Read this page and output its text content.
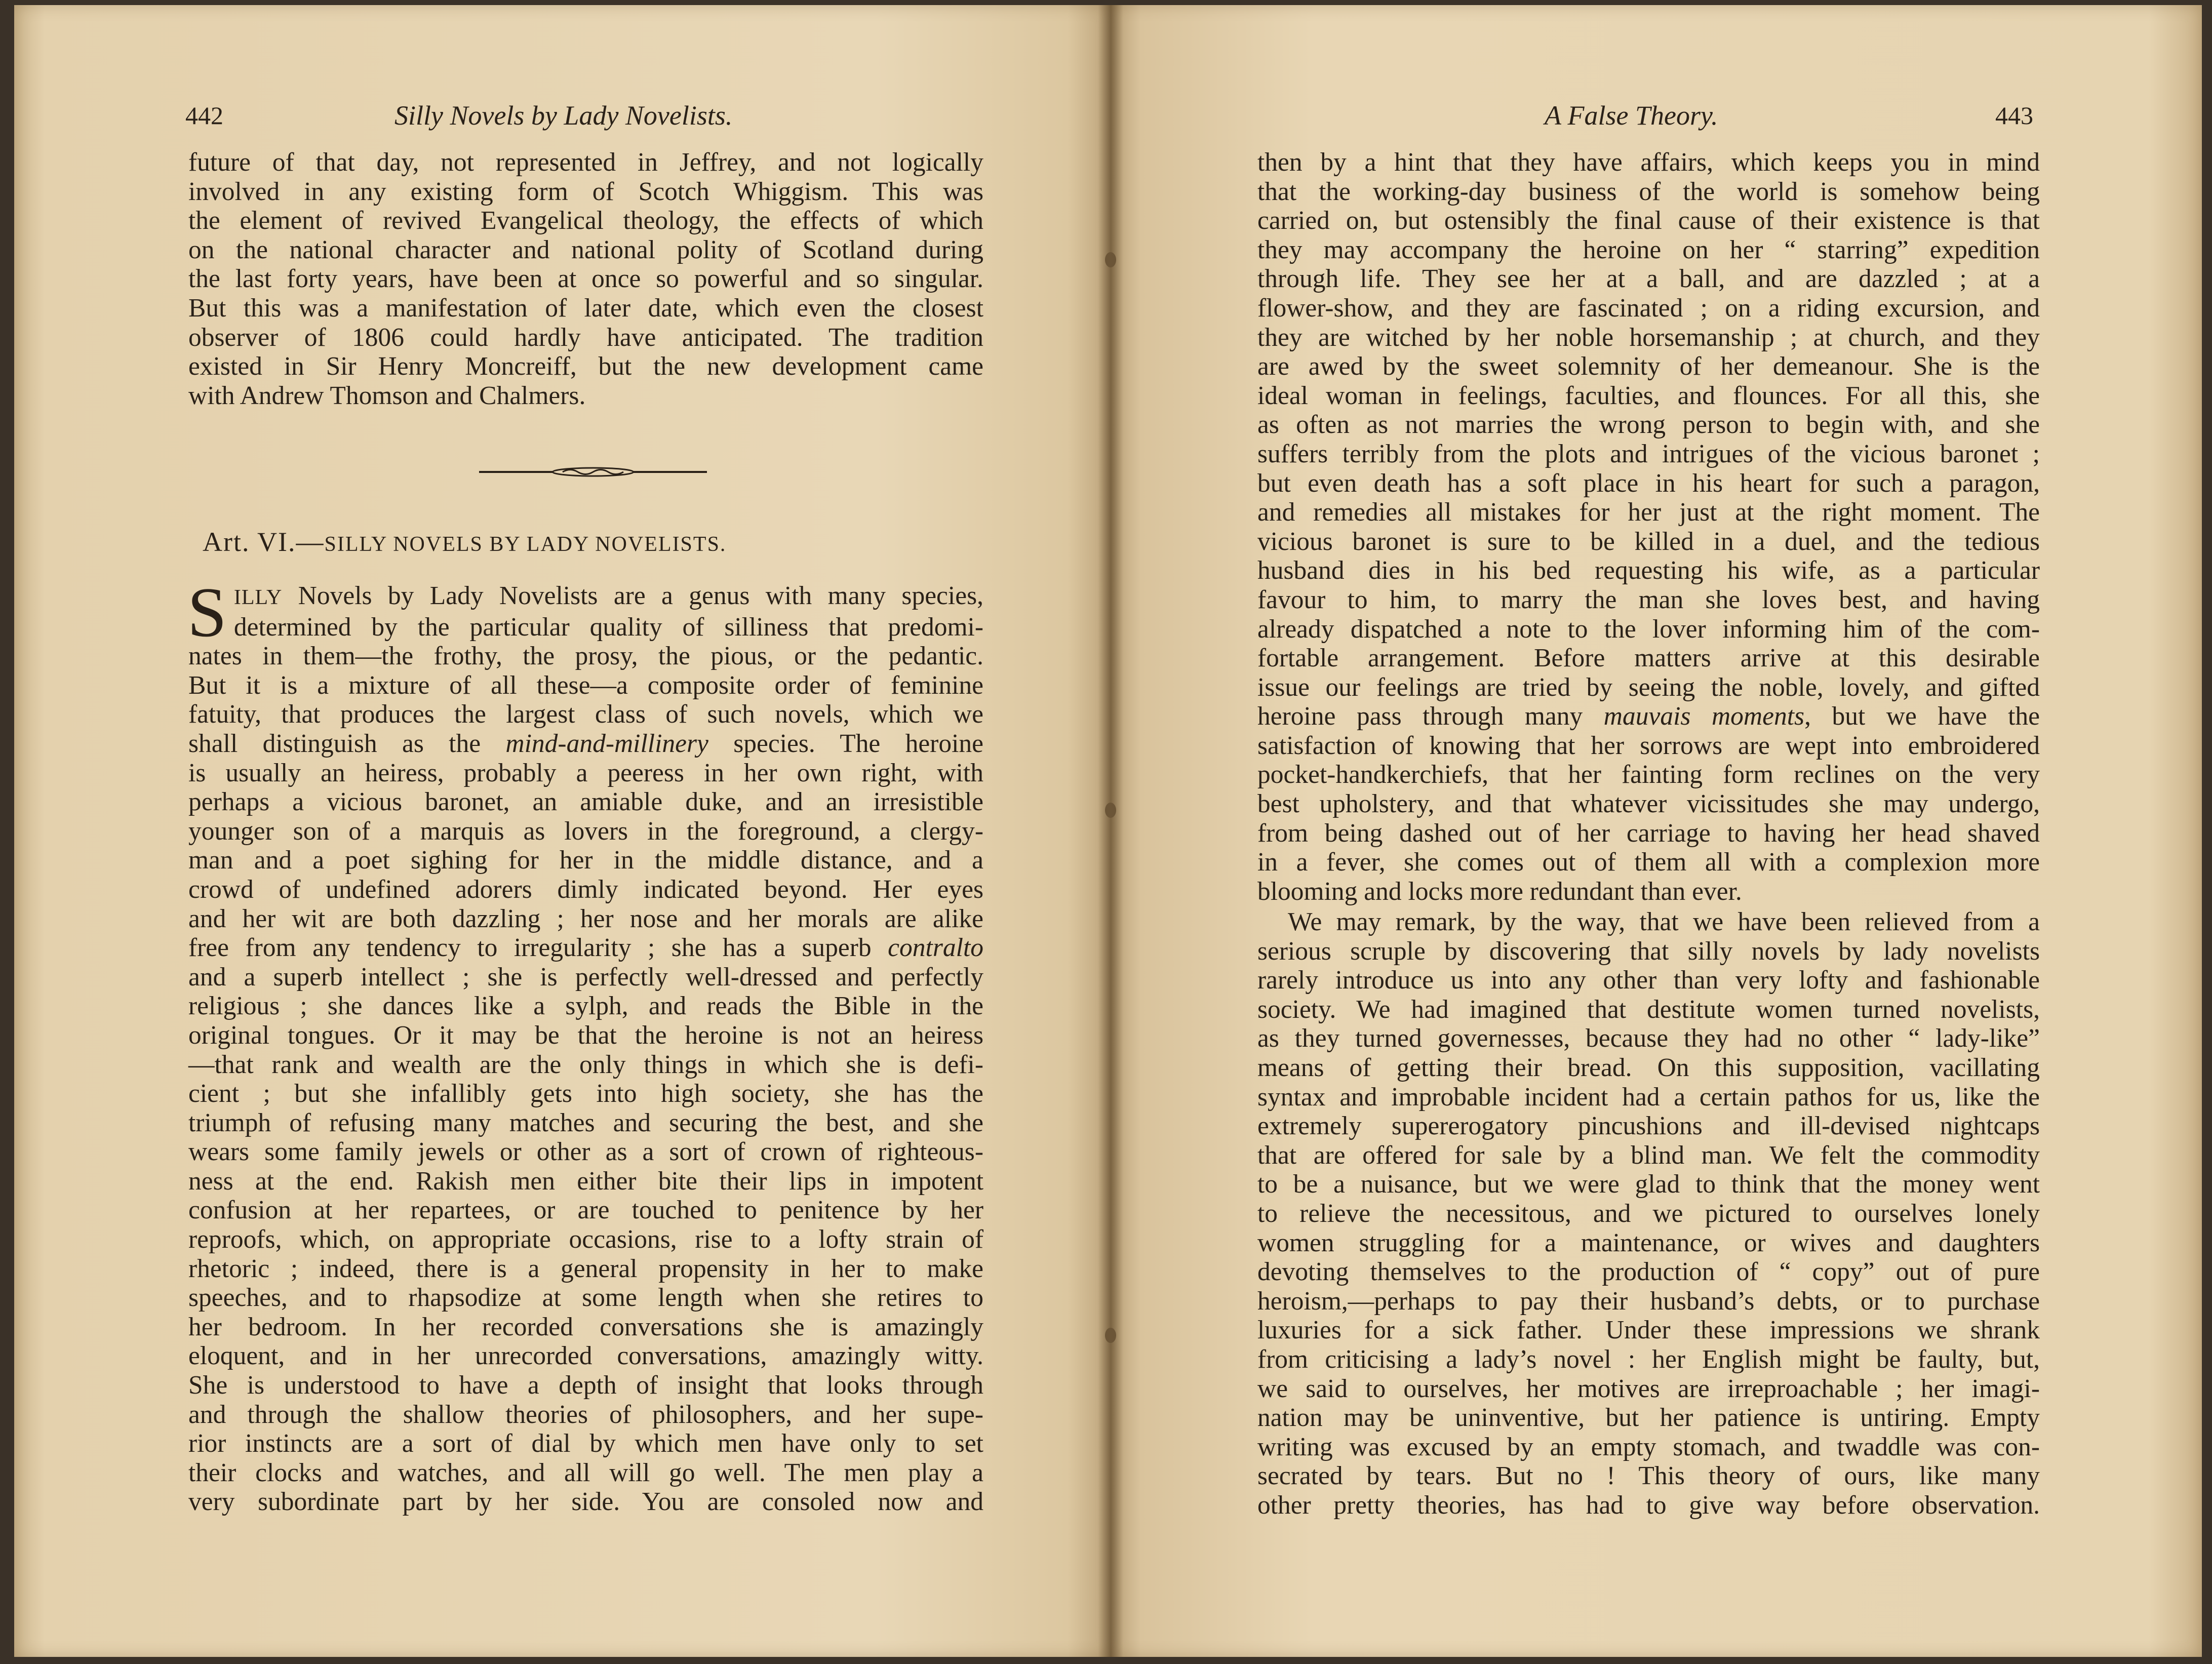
442	Silly Novels by Lady Novelists.
future of that day, not represented in Jeffrey, and not logically
involved in any existing form of Scotch Whiggism. This was
the element of revived Evangelical theology, the effects of which
on the national character and national polity of Scotland during
the last forty years, have been at once so powerful and so singular.
But this was a manifestation of later date, which even the closest
observer of 1806 could hardly have anticipated. The tradition
existed in Sir Henry Moncreiff, but the new development came
with Andrew Thomson and Chalmers.
Art. VI.—SILLY NOVELS BY LADY NOVELISTS.
S ILLY Novels by Lady Novelists are a genus with many species,
determined by the particular quality of silliness that predomi-
nates in them—the frothy, the prosy, the pious, or the pedantic.
But it is a mixture of all these—a composite order of feminine
fatuity, that produces the largest class of such novels, which we
shall distinguish as the mind-and-millinery species. The heroine
is usually an heiress, probably a peeress in her own right, with
perhaps a vicious baronet, an amiable duke, and an irresistible
younger son of a marquis as lovers in the foreground, a clergy-
man and a poet sighing for her in the middle distance, and a
crowd of undefined adorers dimly indicated beyond. Her eyes
and her wit are both dazzling ; her nose and her morals are alike
free from any tendency to irregularity ; she has a superb contralto
and a superb intellect ; she is perfectly well-dressed and perfectly
religious ; she dances like a sylph, and reads the Bible in the
original tongues. Or it may be that the heroine is not an heiress
—that rank and wealth are the only things in which she is defi-
cient ; but she infallibly gets into high society, she has the
triumph of refusing many matches and securing the best, and she
wears some family jewels or other as a sort of crown of righteous-
ness at the end. Rakish men either bite their lips in impotent
confusion at her repartees, or are touched to penitence by her
reproofs, which, on appropriate occasions, rise to a lofty strain of
rhetoric ; indeed, there is a general propensity in her to make
speeches, and to rhapsodize at some length when she retires to
her bedroom. In her recorded conversations she is amazingly
eloquent, and in her unrecorded conversations, amazingly witty.
She is understood to have a depth of insight that looks through
and through the shallow theories of philosophers, and her supe-
rior instincts are a sort of dial by which men have only to set
their clocks and watches, and all will go well. The men play a
very subordinate part by her side. You are consoled now and
A False Theory.	443
then by a hint that they have affairs, which keeps you in mind
that the working-day business of the world is somehow being
carried on, but ostensibly the final cause of their existence is that
they may accompany the heroine on her “ starring” expedition
through life. They see her at a ball, and are dazzled ; at a
flower-show, and they are fascinated ; on a riding excursion, and
they are witched by her noble horsemanship ; at church, and they
are awed by the sweet solemnity of her demeanour. She is the
ideal woman in feelings, faculties, and flounces. For all this, she
as often as not marries the wrong person to begin with, and she
suffers terribly from the plots and intrigues of the vicious baronet ;
but even death has a soft place in his heart for such a paragon,
and remedies all mistakes for her just at the right moment. The
vicious baronet is sure to be killed in a duel, and the tedious
husband dies in his bed requesting his wife, as a particular
favour to him, to marry the man she loves best, and having
already dispatched a note to the lover informing him of the com-
fortable arrangement. Before matters arrive at this desirable
issue our feelings are tried by seeing the noble, lovely, and gifted
heroine pass through many mauvais moments, but we have the
satisfaction of knowing that her sorrows are wept into embroidered
pocket-handkerchiefs, that her fainting form reclines on the very
best upholstery, and that whatever vicissitudes she may undergo,
from being dashed out of her carriage to having her head shaved
in a fever, she comes out of them all with a complexion more
blooming and locks more redundant than ever.
We may remark, by the way, that we have been relieved from a
serious scruple by discovering that silly novels by lady novelists
rarely introduce us into any other than very lofty and fashionable
society. We had imagined that destitute women turned novelists,
as they turned governesses, because they had no other “ lady-like”
means of getting their bread. On this supposition, vacillating
syntax and improbable incident had a certain pathos for us, like the
extremely supererogatory pincushions and ill-devised nightcaps
that are offered for sale by a blind man. We felt the commodity
to be a nuisance, but we were glad to think that the money went
to relieve the necessitous, and we pictured to ourselves lonely
women struggling for a maintenance, or wives and daughters
devoting themselves to the production of “ copy” out of pure
heroism,—perhaps to pay their husband’s debts, or to purchase
luxuries for a sick father. Under these impressions we shrank
from criticising a lady’s novel : her English might be faulty, but,
we said to ourselves, her motives are irreproachable ; her imagi-
nation may be uninventive, but her patience is untiring. Empty
writing was excused by an empty stomach, and twaddle was con-
secrated by tears. But no ! This theory of ours, like many
other pretty theories, has had to give way before observation.
